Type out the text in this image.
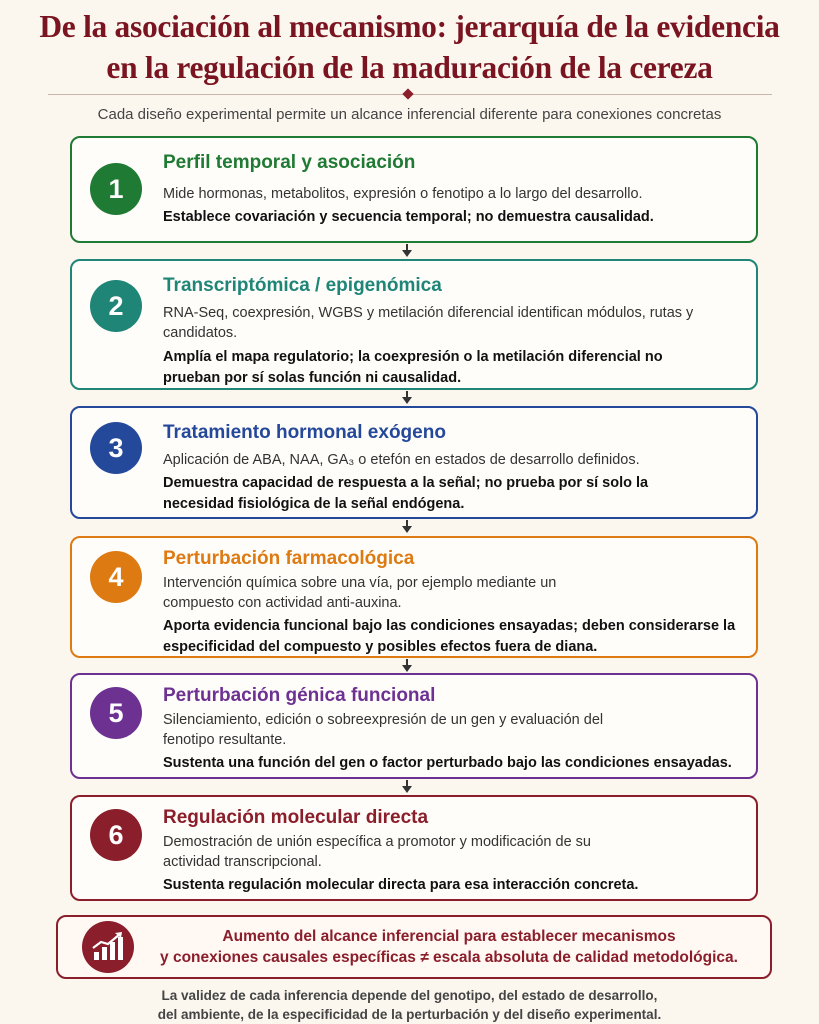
De la asociación al mecanismo: jerarquía de la evidencia
en la regulación de la maduración de la cereza
Cada diseño experimental permite un alcance inferencial diferente para conexiones concretas
1
Perfil temporal y asociación
Mide hormonas, metabolitos, expresión o fenotipo a lo largo del desarrollo.
Establece covariación y secuencia temporal; no demuestra causalidad.
2
Transcriptómica / epigenómica
RNA-Seq, coexpresión, WGBS y metilación diferencial identifican módulos, rutas y candidatos.
Amplía el mapa regulatorio; la coexpresión o la metilación diferencial no prueban por sí solas función ni causalidad.
3	Tratamiento hormonal exógeno
Aplicación de ABA, NAA, GA₃ o etefón en estados de desarrollo definidos.
Demuestra capacidad de respuesta a la señal; no prueba por sí solo la necesidad fisiológica de la señal endógena.
4
Perturbación farmacológica
Intervención química sobre una vía, por ejemplo mediante un compuesto con actividad anti-auxina.
Aporta evidencia funcional bajo las condiciones ensayadas; deben considerarse la especificidad del compuesto y posibles efectos fuera de diana.
5
Perturbación génica funcional
Silenciamiento, edición o sobreexpresión de un gen y evaluación del fenotipo resultante.
Sustenta una función del gen o factor perturbado bajo las condiciones ensayadas.
6
Regulación molecular directa
Demostración de unión específica a promotor y modificación de su actividad transcripcional.
Sustenta regulación molecular directa para esa interacción concreta.
Aumento del alcance inferencial para establecer mecanismos
y conexiones causales específicas ≠ escala absoluta de calidad metodológica.
La validez de cada inferencia depende del genotipo, del estado de desarrollo,
del ambiente, de la especificidad de la perturbación y del diseño experimental.
